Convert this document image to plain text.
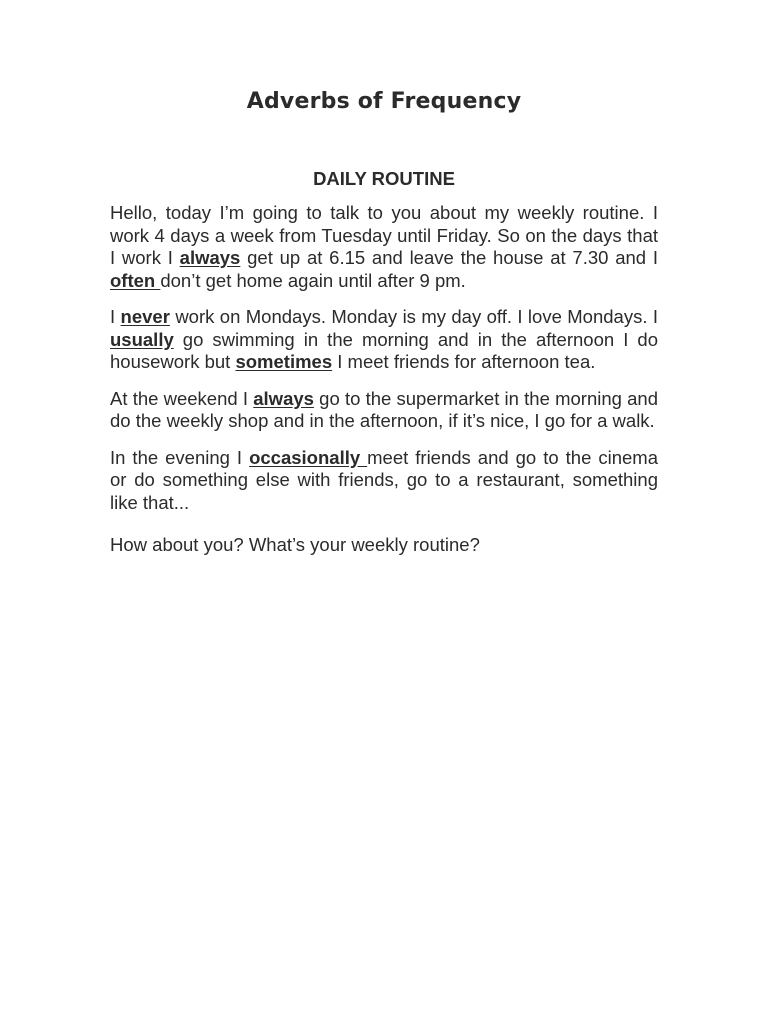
Adverbs of Frequency
DAILY ROUTINE

Hello, today I’m going to talk to you about my weekly routine. I work 4 days a week from Tuesday until Friday. So on the days that I work I always get up at 6.15 and leave the house at 7.30 and I often don’t get home again until after 9 pm.

I never work on Mondays. Monday is my day off. I love Mondays. I usually go swimming in the morning and in the afternoon I do housework but sometimes I meet friends for afternoon tea.

At the weekend I always go to the supermarket in the morning and do the weekly shop and in the afternoon, if it’s nice, I go for a walk.

In the evening I occasionally meet friends and go to the cinema or do something else with friends, go to a restaurant, something like that...

How about you? What’s your weekly routine?
